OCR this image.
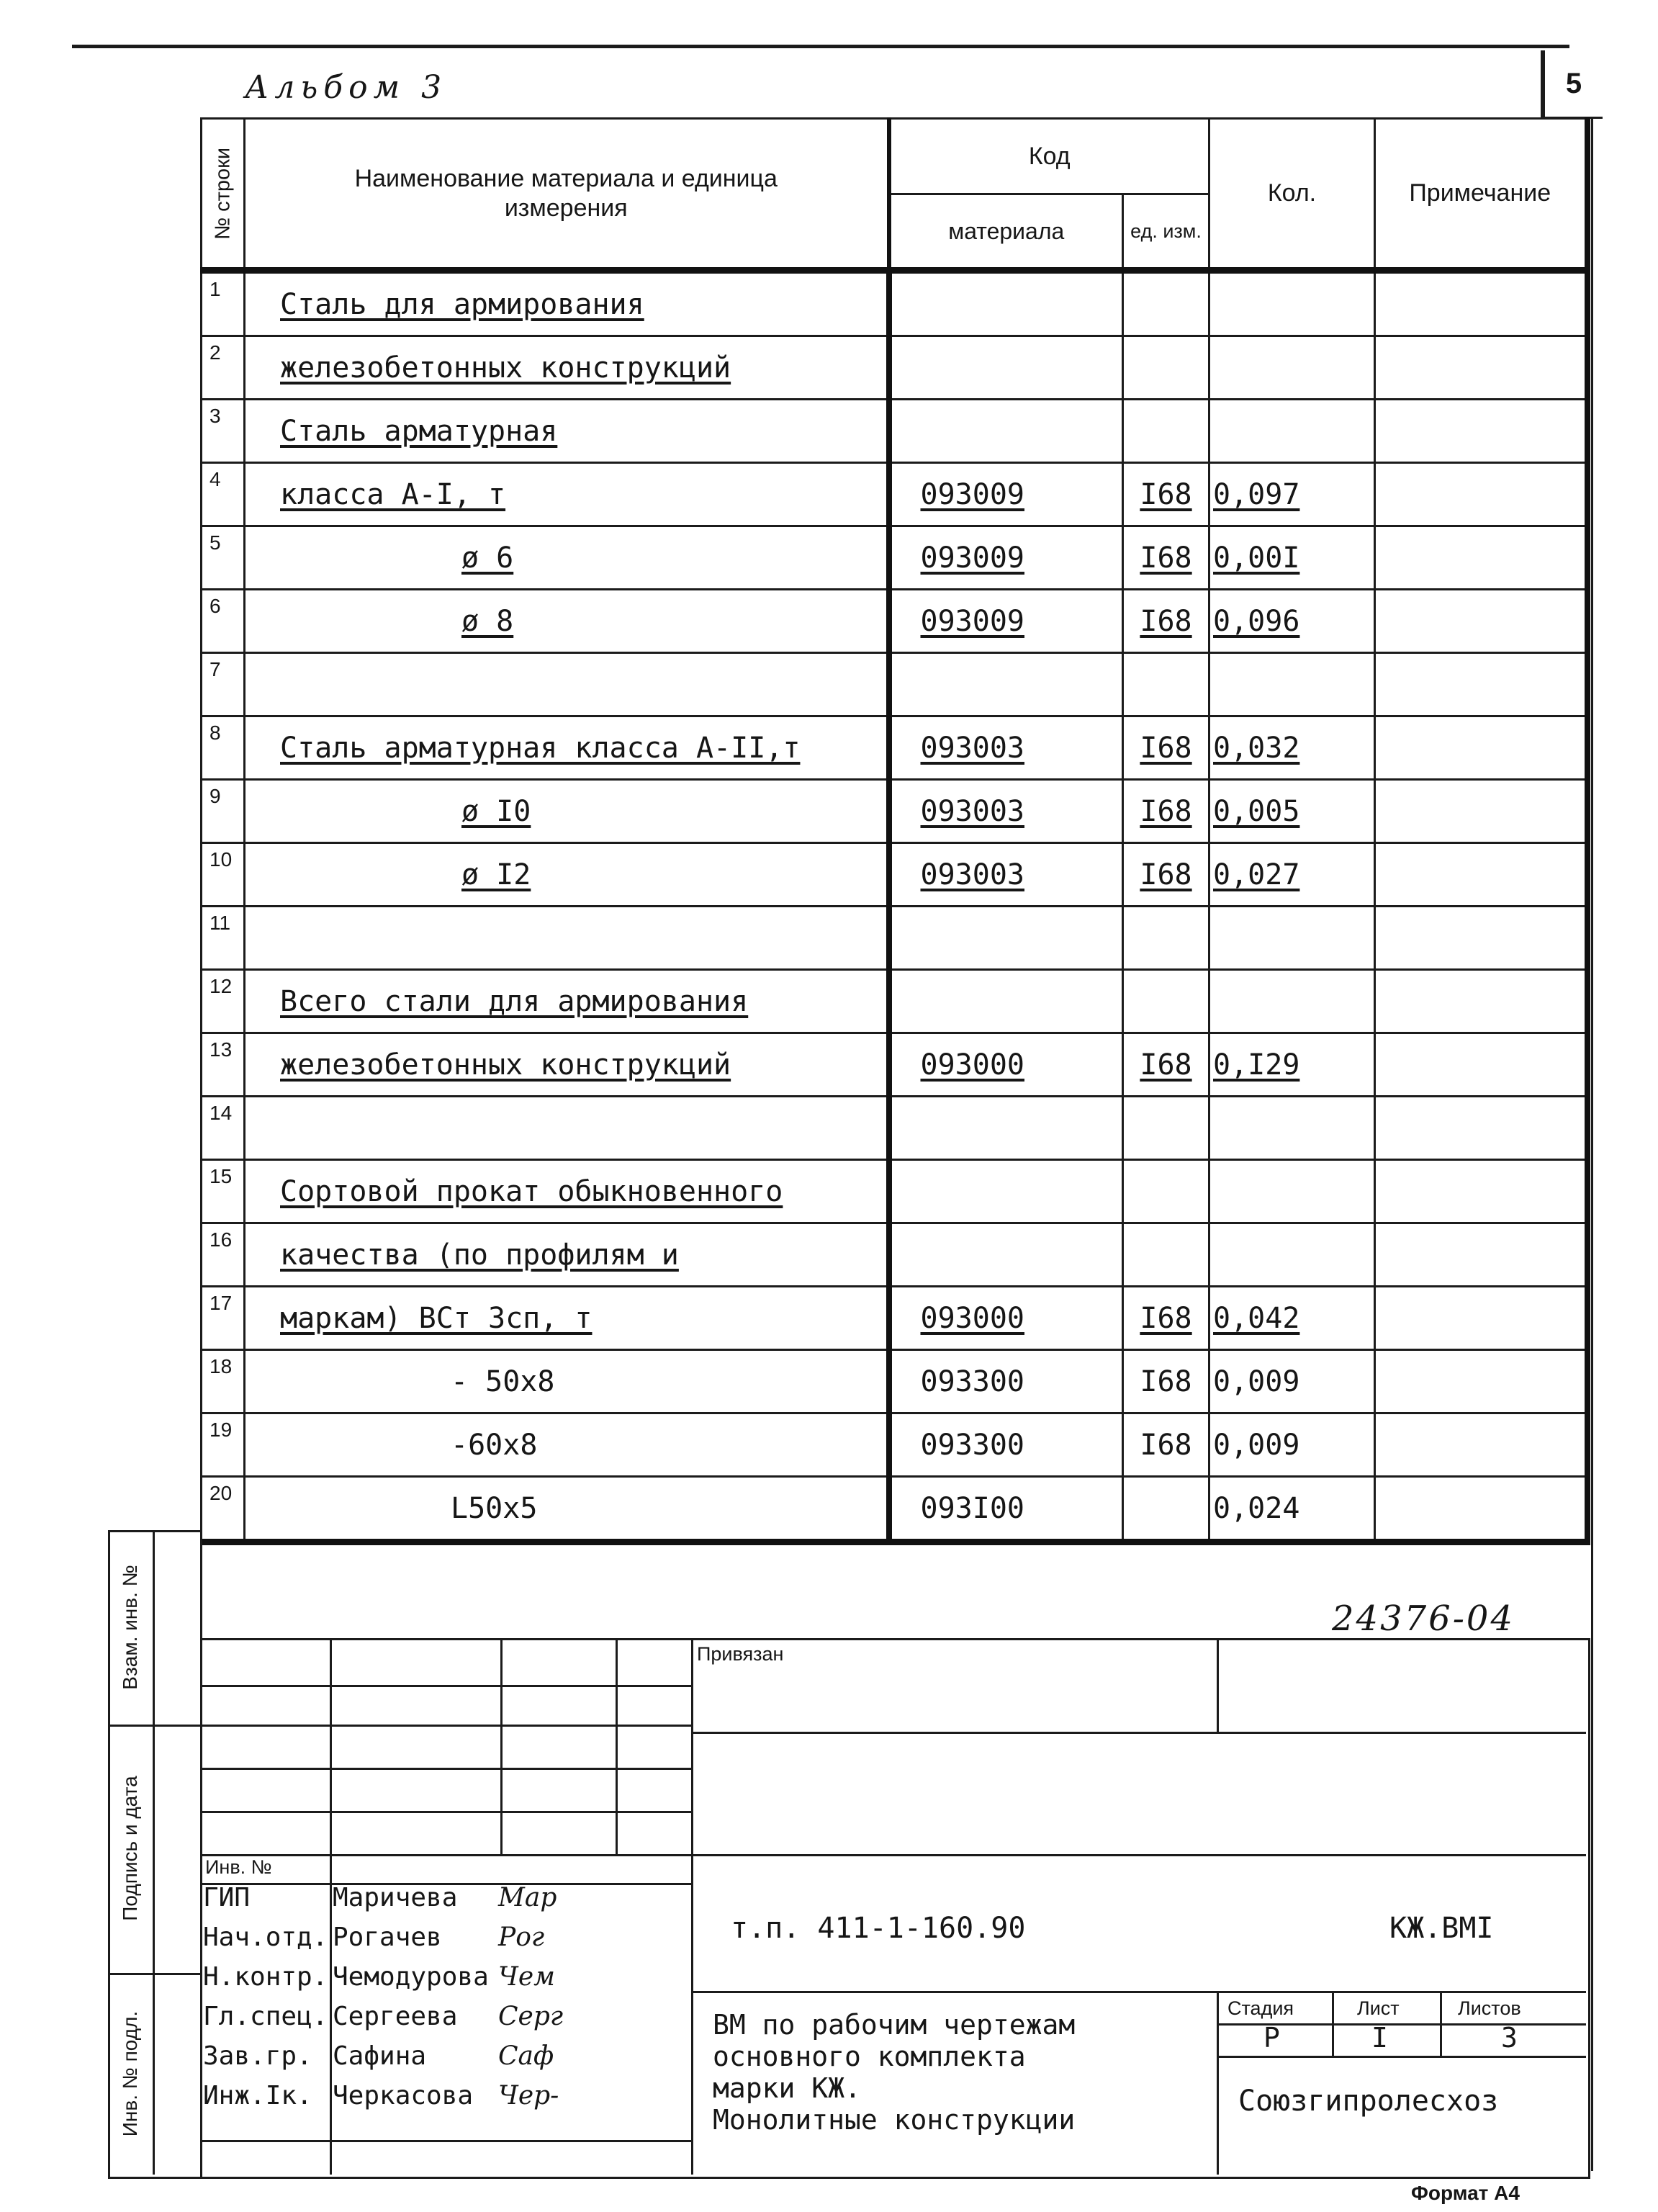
Альбом 3	5
№ строки	Наименование материала и единица измерения	Код		Кол.	Примечание
		материала	ед. изм.		
1	Сталь для армирования				
2	железобетонных конструкций				
3	Сталь арматурная				
4	класса А-I, т	093009	I68	0,097	
5	ø 6	093009	I68	0,00I	
6	ø 8	093009	I68	0,096	
7					
8	Сталь арматурная класса А-II,т	093003	I68	0,032	
9	ø I0	093003	I68	0,005	
10	ø I2	093003	I68	0,027	
11					
12	Всего стали для армирования				
13	железобетонных конструкций	093000	I68	0,I29	
14					
15	Сортовой прокат обыкновенного				
16	качества (по профилям и				
17	маркам) ВСт 3сп, т	093000	I68	0,042	
18	- 50x8	093300	I68	0,009	
19	-60x8	093300	I68	0,009	
20	L50x5	093I00		0,024	
Взам. инв. №
Подпись и дата
Инв. № подл.
24376-04
Инв. №
ГИП	Маричева Мар
Нач.отд. Рогачев Рог
Н.контр. Чемодурова Чем
Гл.спец. Сергеева Серг
Зав.гр. Сафина	Саф
Инж.Iк. Черкасова Чер-
Привязан
т.п. 411-1-160.90	КЖ.ВМI
ВМ по рабочим чертежам
основного комплекта
марки КЖ.
Монолитные конструкции
Стадия	Лист	Листов
Р	I	3
Союзгипролесхоз
Формат А4
